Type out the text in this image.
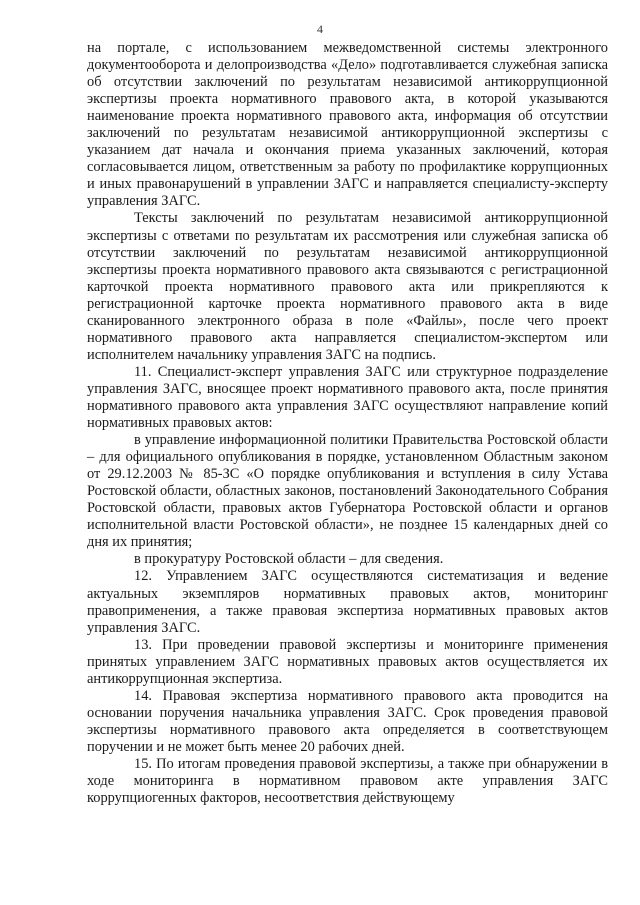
4

на портале, с использованием межведомственной системы электронного документооборота и делопроизводства «Дело» подготавливается служебная записка об отсутствии заключений по результатам независимой антикоррупционной экспертизы проекта нормативного правового акта, в которой указываются наименование проекта нормативного правового акта, информация об отсутствии заключений по результатам независимой антикоррупционной экспертизы с указанием дат начала и окончания приема указанных заключений, которая согласовывается лицом, ответственным за работу по профилактике коррупционных и иных правонарушений в управлении ЗАГС и направляется специалисту-эксперту управления ЗАГС.

Тексты заключений по результатам независимой антикоррупционной экспертизы с ответами по результатам их рассмотрения или служебная записка об отсутствии заключений по результатам независимой антикоррупционной экспертизы проекта нормативного правового акта связываются с регистрационной карточкой проекта нормативного правового акта или прикрепляются к регистрационной карточке проекта нормативного правового акта в виде сканированного электронного образа в поле «Файлы», после чего проект нормативного правового акта направляется специалистом-экспертом или исполнителем начальнику управления ЗАГС на подпись.

11. Специалист-эксперт управления ЗАГС или структурное подразделение управления ЗАГС, вносящее проект нормативного правового акта, после принятия нормативного правового акта управления ЗАГС осуществляют направление копий нормативных правовых актов:

в управление информационной политики Правительства Ростовской области – для официального опубликования в порядке, установленном Областным законом от 29.12.2003 № 85-ЗС «О порядке опубликования и вступления в силу Устава Ростовской области, областных законов, постановлений Законодательного Собрания Ростовской области, правовых актов Губернатора Ростовской области и органов исполнительной власти Ростовской области», не позднее 15 календарных дней со дня их принятия;

в прокуратуру Ростовской области – для сведения.

12. Управлением ЗАГС осуществляются систематизация и ведение актуальных экземпляров нормативных правовых актов, мониторинг правоприменения, а также правовая экспертиза нормативных правовых актов управления ЗАГС.

13. При проведении правовой экспертизы и мониторинге применения принятых управлением ЗАГС нормативных правовых актов осуществляется их антикоррупционная экспертиза.

14. Правовая экспертиза нормативного правового акта проводится на основании поручения начальника управления ЗАГС. Срок проведения правовой экспертизы нормативного правового акта определяется в соответствующем поручении и не может быть менее 20 рабочих дней.

15. По итогам проведения правовой экспертизы, а также при обнаружении в ходе мониторинга в нормативном правовом акте управления ЗАГС коррупциогенных факторов, несоответствия действующему
